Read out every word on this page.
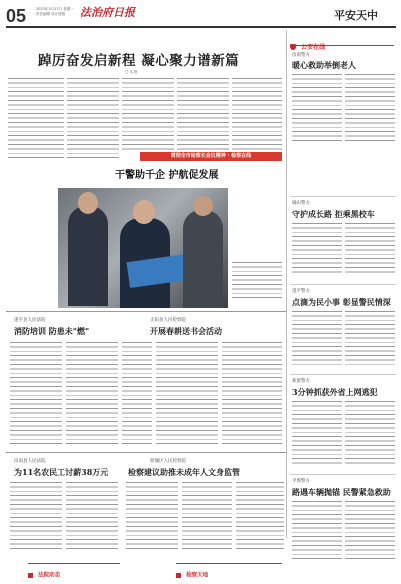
05	2023年3月27日 星期一
责任编辑 设计排版	法治府日报	平安天中
踔厉奋发启新程 凝心聚力谱新篇
□ 本 报
贯彻全市检察长会议精神 · 检察在线
干警助千企 护航促发展
公安在线
汝南警方
暖心救助举倒老人
确山警方
守护成长路 拒乘黑校车
遂平警方
点滴为民小事 彰显警民情深
新蔡警方
3分钟抓获外省上网逃犯
平舆警方
路遇车辆抛锚 民警紧急救助
遂平县人民法院
消防培训 防患未"燃"
正阳县人民检察院
开展春耕送书会活动
汝南县人民法院
为11名农民工讨薪38万元
驿城区人民检察院
检察建议助推未成年人文身监管
法院动态	检察天地
